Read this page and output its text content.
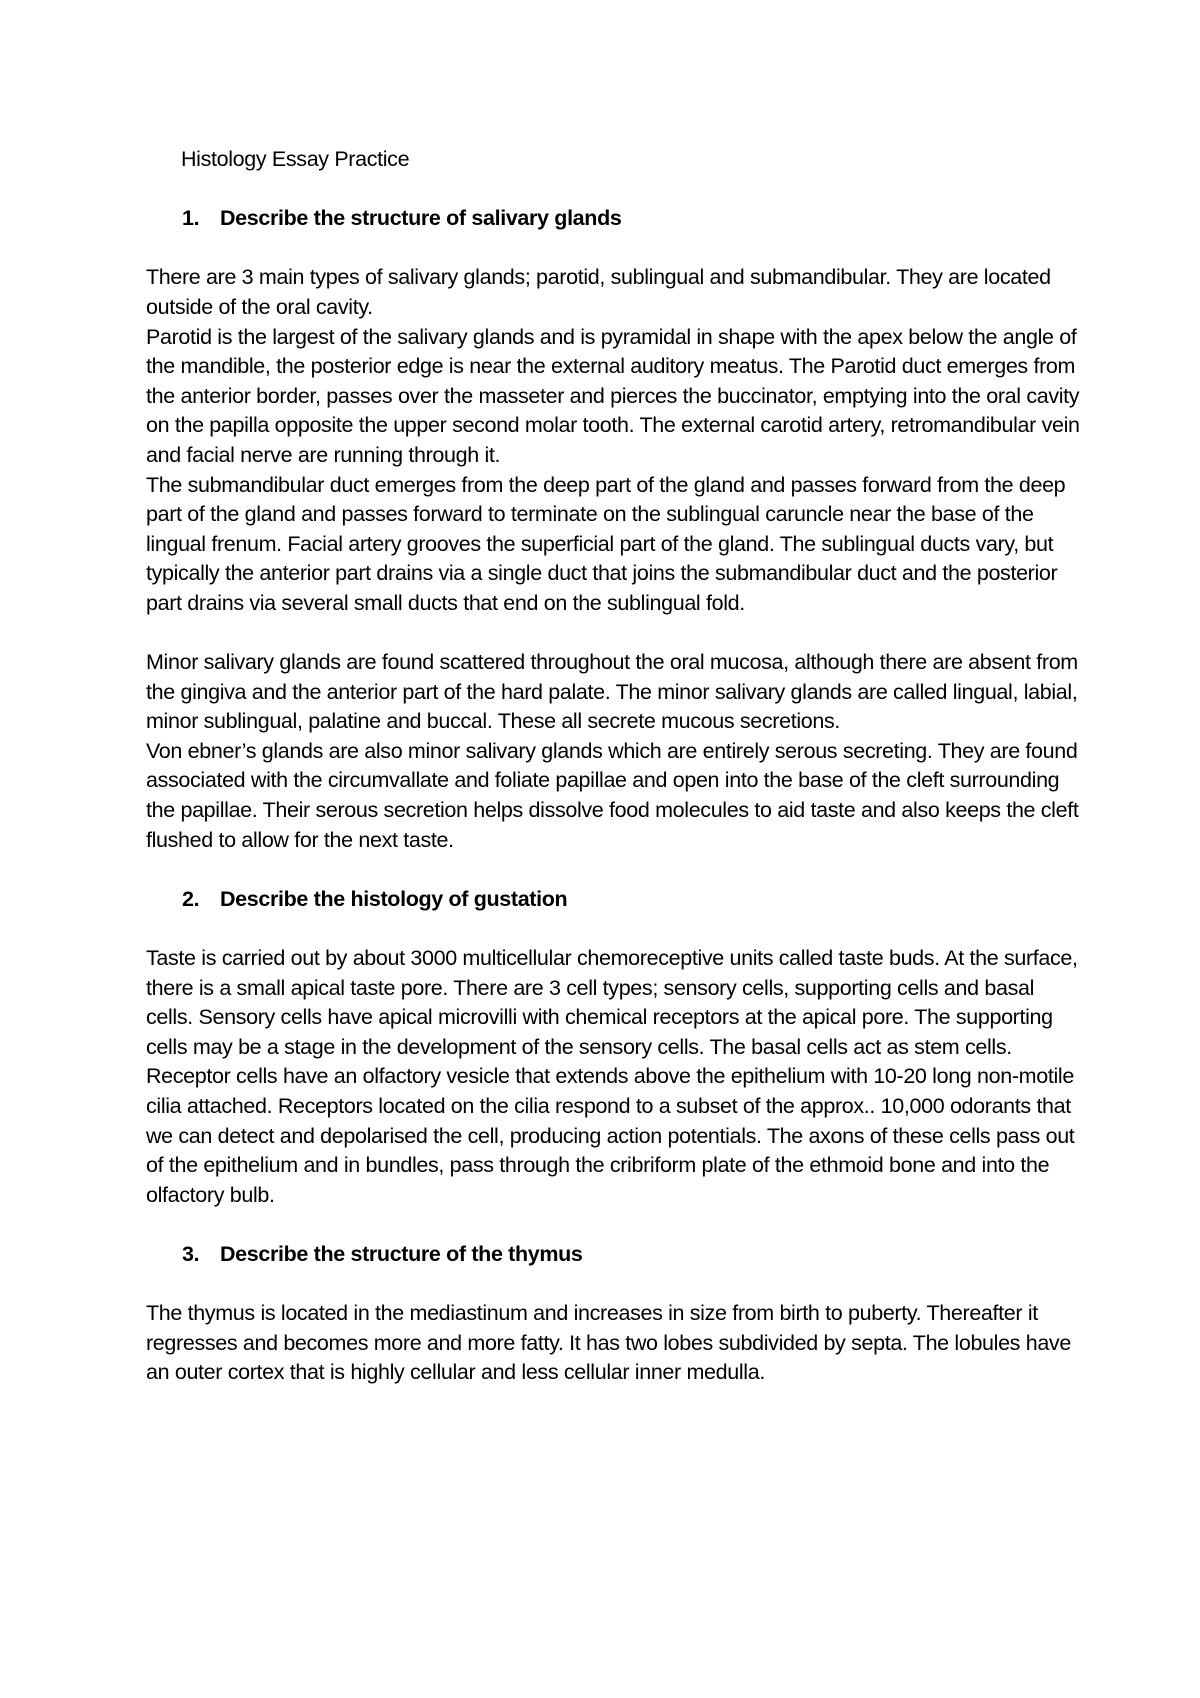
Histology Essay Practice

1. Describe the structure of salivary glands

There are 3 main types of salivary glands; parotid, sublingual and submandibular. They are located outside of the oral cavity.

Parotid is the largest of the salivary glands and is pyramidal in shape with the apex below the angle of the mandible, the posterior edge is near the external auditory meatus. The Parotid duct emerges from the anterior border, passes over the masseter and pierces the buccinator, emptying into the oral cavity on the papilla opposite the upper second molar tooth. The external carotid artery, retromandibular vein and facial nerve are running through it.

The submandibular duct emerges from the deep part of the gland and passes forward from the deep part of the gland and passes forward to terminate on the sublingual caruncle near the base of the lingual frenum. Facial artery grooves the superficial part of the gland. The sublingual ducts vary, but typically the anterior part drains via a single duct that joins the submandibular duct and the posterior part drains via several small ducts that end on the sublingual fold.

Minor salivary glands are found scattered throughout the oral mucosa, although there are absent from the gingiva and the anterior part of the hard palate. The minor salivary glands are called lingual, labial, minor sublingual, palatine and buccal. These all secrete mucous secretions.

Von ebner’s glands are also minor salivary glands which are entirely serous secreting. They are found associated with the circumvallate and foliate papillae and open into the base of the cleft surrounding the papillae. Their serous secretion helps dissolve food molecules to aid taste and also keeps the cleft flushed to allow for the next taste.

2. Describe the histology of gustation

Taste is carried out by about 3000 multicellular chemoreceptive units called taste buds. At the surface, there is a small apical taste pore. There are 3 cell types; sensory cells, supporting cells and basal cells. Sensory cells have apical microvilli with chemical receptors at the apical pore. The supporting cells may be a stage in the development of the sensory cells. The basal cells act as stem cells. Receptor cells have an olfactory vesicle that extends above the epithelium with 10-20 long non-motile cilia attached. Receptors located on the cilia respond to a subset of the approx.. 10,000 odorants that we can detect and depolarised the cell, producing action potentials. The axons of these cells pass out of the epithelium and in bundles, pass through the cribriform plate of the ethmoid bone and into the olfactory bulb.

3. Describe the structure of the thymus

The thymus is located in the mediastinum and increases in size from birth to puberty. Thereafter it regresses and becomes more and more fatty. It has two lobes subdivided by septa. The lobules have an outer cortex that is highly cellular and less cellular inner medulla.
